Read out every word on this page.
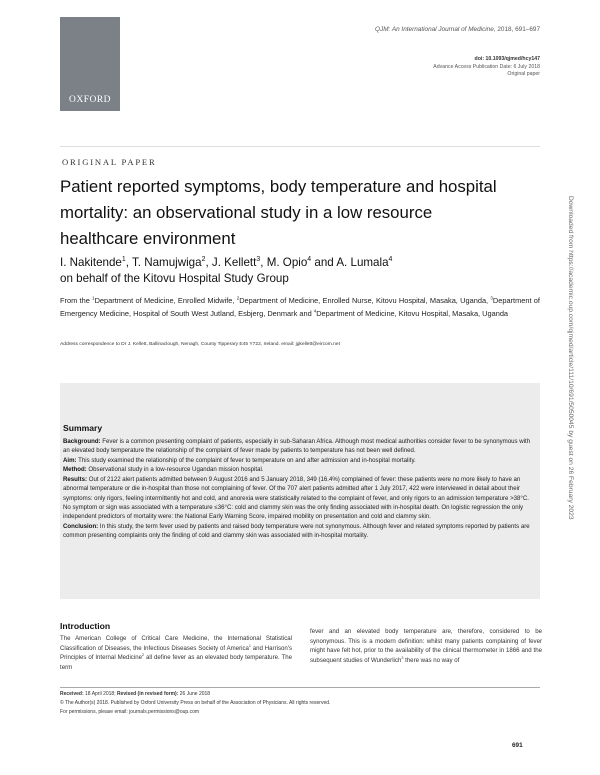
OXFORD
QJM: An International Journal of Medicine, 2018, 691–697
doi: 10.1093/qjmed/hcy147
Advance Access Publication Date: 6 July 2018
Original paper
ORIGINAL PAPER
Patient reported symptoms, body temperature and hospital mortality: an observational study in a low resource healthcare environment
I. Nakitende$^1$, T. Namujwiga$^2$, J. Kellett$^3$, M. Opio$^4$ and A. Lumala$^4$
on behalf of the Kitovu Hospital Study Group
From the $^1$Department of Medicine, Enrolled Midwife, $^2$Department of Medicine, Enrolled Nurse, Kitovu Hospital, Masaka, Uganda, $^3$Department of Emergency Medicine, Hospital of South West Jutland, Esbjerg, Denmark and $^4$Department of Medicine, Kitovu Hospital, Masaka, Uganda
Address correspondence to Dr J. Kellett, Ballinaclough, Nenagh, County Tipperary E45 Y722, Ireland. email: jgkellett@eircom.net
Summary

Background: Fever is a common presenting complaint of patients, especially in sub-Saharan Africa. Although most medical authorities consider fever to be synonymous with an elevated body temperature the relationship of the complaint of fever made by patients to temperature has not been well defined.

Aim: This study examined the relationship of the complaint of fever to temperature on and after admission and in-hospital mortality.

Method: Observational study in a low-resource Ugandan mission hospital.

Results: Out of 2122 alert patients admitted between 9 August 2016 and 5 January 2018, 349 (16.4%) complained of fever: these patients were no more likely to have an abnormal temperature or die in-hospital than those not complaining of fever. Of the 707 alert patients admitted after 1 July 2017, 422 were interviewed in detail about their symptoms: only rigors, feeling intermittently hot and cold, and anorexia were statistically related to the complaint of fever, and only rigors to an admission temperature >38°C. No symptom or sign was associated with a temperature ≤36°C: cold and clammy skin was the only finding associated with in-hospital death. On logistic regression the only independent predictors of mortality were: the National Early Warning Score, impaired mobility on presentation and cold and clammy skin.

Conclusion: In this study, the term fever used by patients and raised body temperature were not synonymous. Although fever and related symptoms reported by patients are common presenting complaints only the finding of cold and clammy skin was associated with in-hospital mortality.

Introduction
The American College of Critical Care Medicine, the International Statistical Classification of Diseases, the Infectious Diseases Society of America$^1$ and Harrison's Principles of Internal Medicine$^2$ all define fever as an elevated body temperature. The term
fever and an elevated body temperature are, therefore, considered to be synonymous. This is a modern definition: whilst many patients complaining of fever might have felt hot, prior to the availability of the clinical thermometer in 1866 and the subsequent studies of Wunderlich$^3$ there was no way of
Received: 18 April 2018; Revised (in revised form): 26 June 2018
© The Author(s) 2018. Published by Oxford University Press on behalf of the Association of Physicians. All rights reserved.
For permissions, please email: journals.permissions@oup.com
691
Downloaded from https://academic.oup.com/qjmed/article/111/10/691/5050045 by guest on 26 February 2023
